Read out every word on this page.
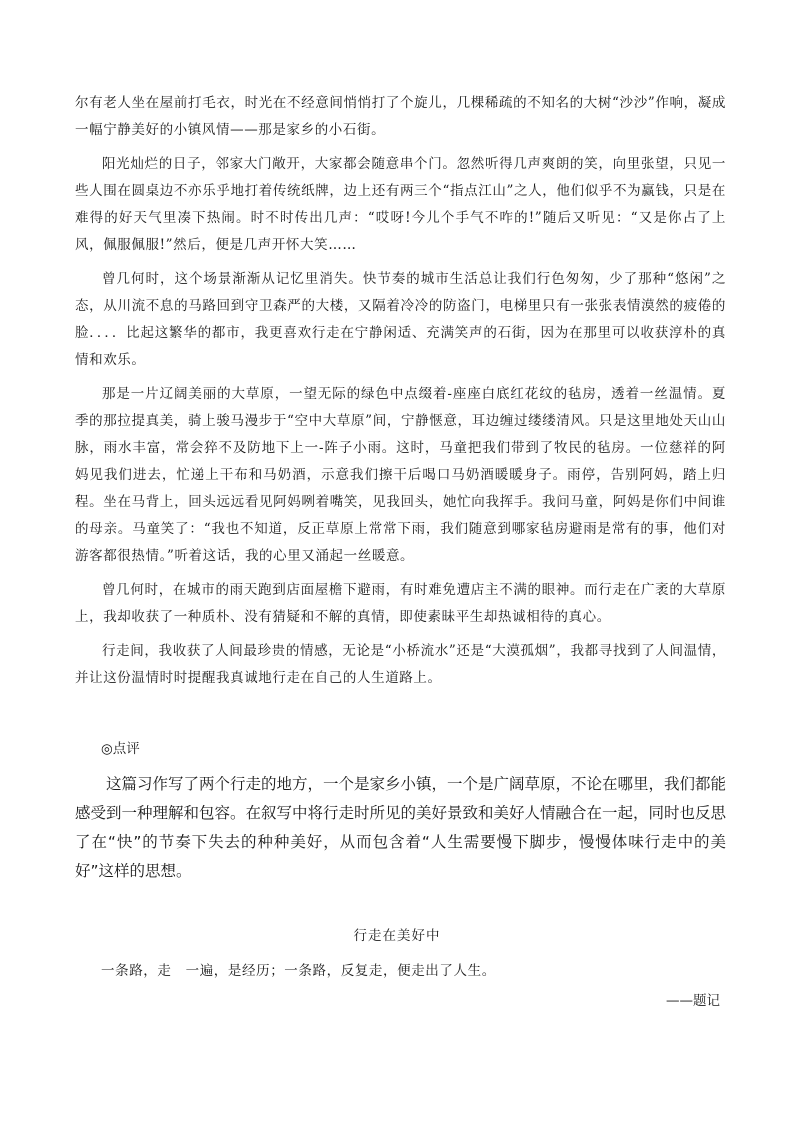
尔有老人坐在屋前打毛衣，时光在不经意间悄悄打了个旋儿，几棵稀疏的不知名的大树“沙沙”作响，凝成一幅宁静美好的小镇风情——那是家乡的小石街。

阳光灿烂的日子，邻家大门敞开，大家都会随意串个门。忽然听得几声爽朗的笑，向里张望，只见一些人围在圆桌边不亦乐乎地打着传统纸牌，边上还有两三个“指点江山”之人，他们似乎不为赢钱，只是在难得的好天气里凑下热闹。时不时传出几声：“哎呀!今儿个手气不咋的!”随后又听见：“又是你占了上风，佩服佩服!”然后，便是几声开怀大笑……

曾几何时，这个场景渐渐从记忆里消失。快节奏的城市生活总让我们行色匆匆，少了那种“悠闲”之态，从川流不息的马路回到守卫森严的大楼，又隔着冷冷的防盗门，电梯里只有一张张表情漠然的疲倦的脸．．．．比起这繁华的都市，我更喜欢行走在宁静闲适、充满笑声的石街，因为在那里可以收获淳朴的真情和欢乐。

那是一片辽阔美丽的大草原，一望无际的绿色中点缀着-座座白底红花纹的毡房，透着一丝温情。夏季的那拉提真美，骑上骏马漫步于“空中大草原”间，宁静惬意，耳边缠过缕缕清风。只是这里地处天山山脉，雨水丰富，常会猝不及防地下上一-阵子小雨。这时，马童把我们带到了牧民的毡房。一位慈祥的阿妈见我们进去，忙递上干布和马奶酒，示意我们擦干后喝口马奶酒暖暖身子。雨停，告别阿妈，踏上归程。坐在马背上，回头远远看见阿妈咧着嘴笑，见我回头，她忙向我挥手。我问马童，阿妈是你们中间谁的母亲。马童笑了：“我也不知道，反正草原上常常下雨，我们随意到哪家毡房避雨是常有的事，他们对游客都很热情。”听着这话，我的心里又涌起一丝暖意。

曾几何时，在城市的雨天跑到店面屋檐下避雨，有时难免遭店主不满的眼神。而行走在广袤的大草原上，我却收获了一种质朴、没有猜疑和不解的真情，即使素昧平生却热诚相待的真心。

行走间，我收获了人间最珍贵的情感，无论是“小桥流水”还是“大漠孤烟”，我都寻找到了人间温情，并让这份温情时时提醒我真诚地行走在自己的人生道路上。

◎点评

这篇习作写了两个行走的地方，一个是家乡小镇，一个是广阔草原，不论在哪里，我们都能感受到一种理解和包容。在叙写中将行走时所见的美好景致和美好人情融合在一起，同时也反思了在“快”的节奏下失去的种种美好，从而包含着“人生需要慢下脚步，慢慢体味行走中的美好”这样的思想。

行走在美好中
一条路，走　一遍，是经历；一条路，反复走，便走出了人生。
——题记
